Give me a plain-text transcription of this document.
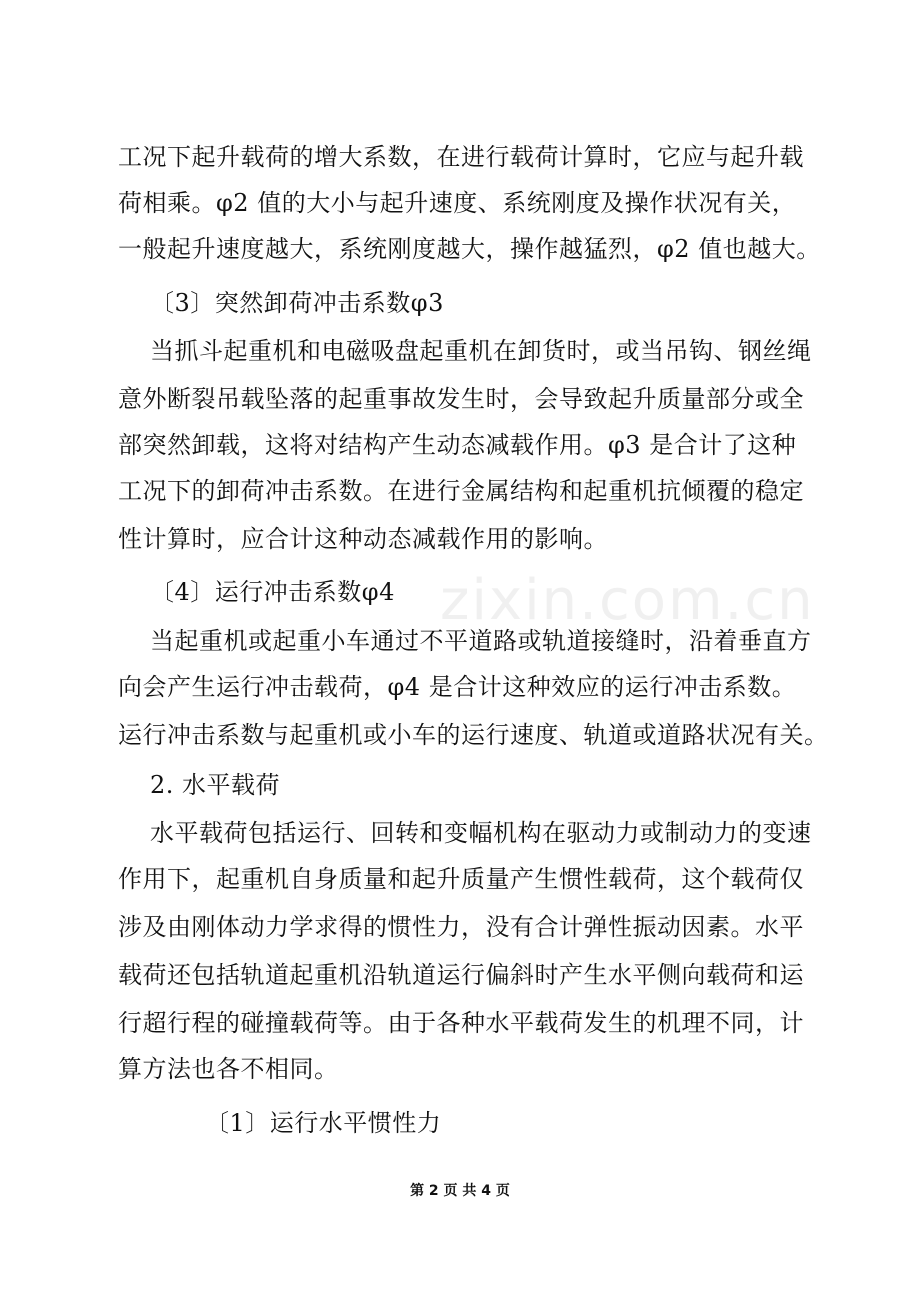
zixin.com.cn
工况下起升载荷的增大系数，在进行载荷计算时，它应与起升载
荷相乘。φ2 值的大小与起升速度、系统刚度及操作状况有关，
一般起升速度越大，系统刚度越大，操作越猛烈，φ2 值也越大。
〔3〕突然卸荷冲击系数φ3
当抓斗起重机和电磁吸盘起重机在卸货时，或当吊钩、钢丝绳
意外断裂吊载坠落的起重事故发生时，会导致起升质量部分或全
部突然卸载，这将对结构产生动态减载作用。φ3 是合计了这种
工况下的卸荷冲击系数。在进行金属结构和起重机抗倾覆的稳定
性计算时，应合计这种动态减载作用的影响。
〔4〕运行冲击系数φ4
当起重机或起重小车通过不平道路或轨道接缝时，沿着垂直方
向会产生运行冲击载荷，φ4 是合计这种效应的运行冲击系数。
运行冲击系数与起重机或小车的运行速度、轨道或道路状况有关。
2. 水平载荷
水平载荷包括运行、回转和变幅机构在驱动力或制动力的变速
作用下，起重机自身质量和起升质量产生惯性载荷，这个载荷仅
涉及由刚体动力学求得的惯性力，没有合计弹性振动因素。水平
载荷还包括轨道起重机沿轨道运行偏斜时产生水平侧向载荷和运
行超行程的碰撞载荷等。由于各种水平载荷发生的机理不同，计
算方法也各不相同。
〔1〕运行水平惯性力
第 2 页 共 4 页
